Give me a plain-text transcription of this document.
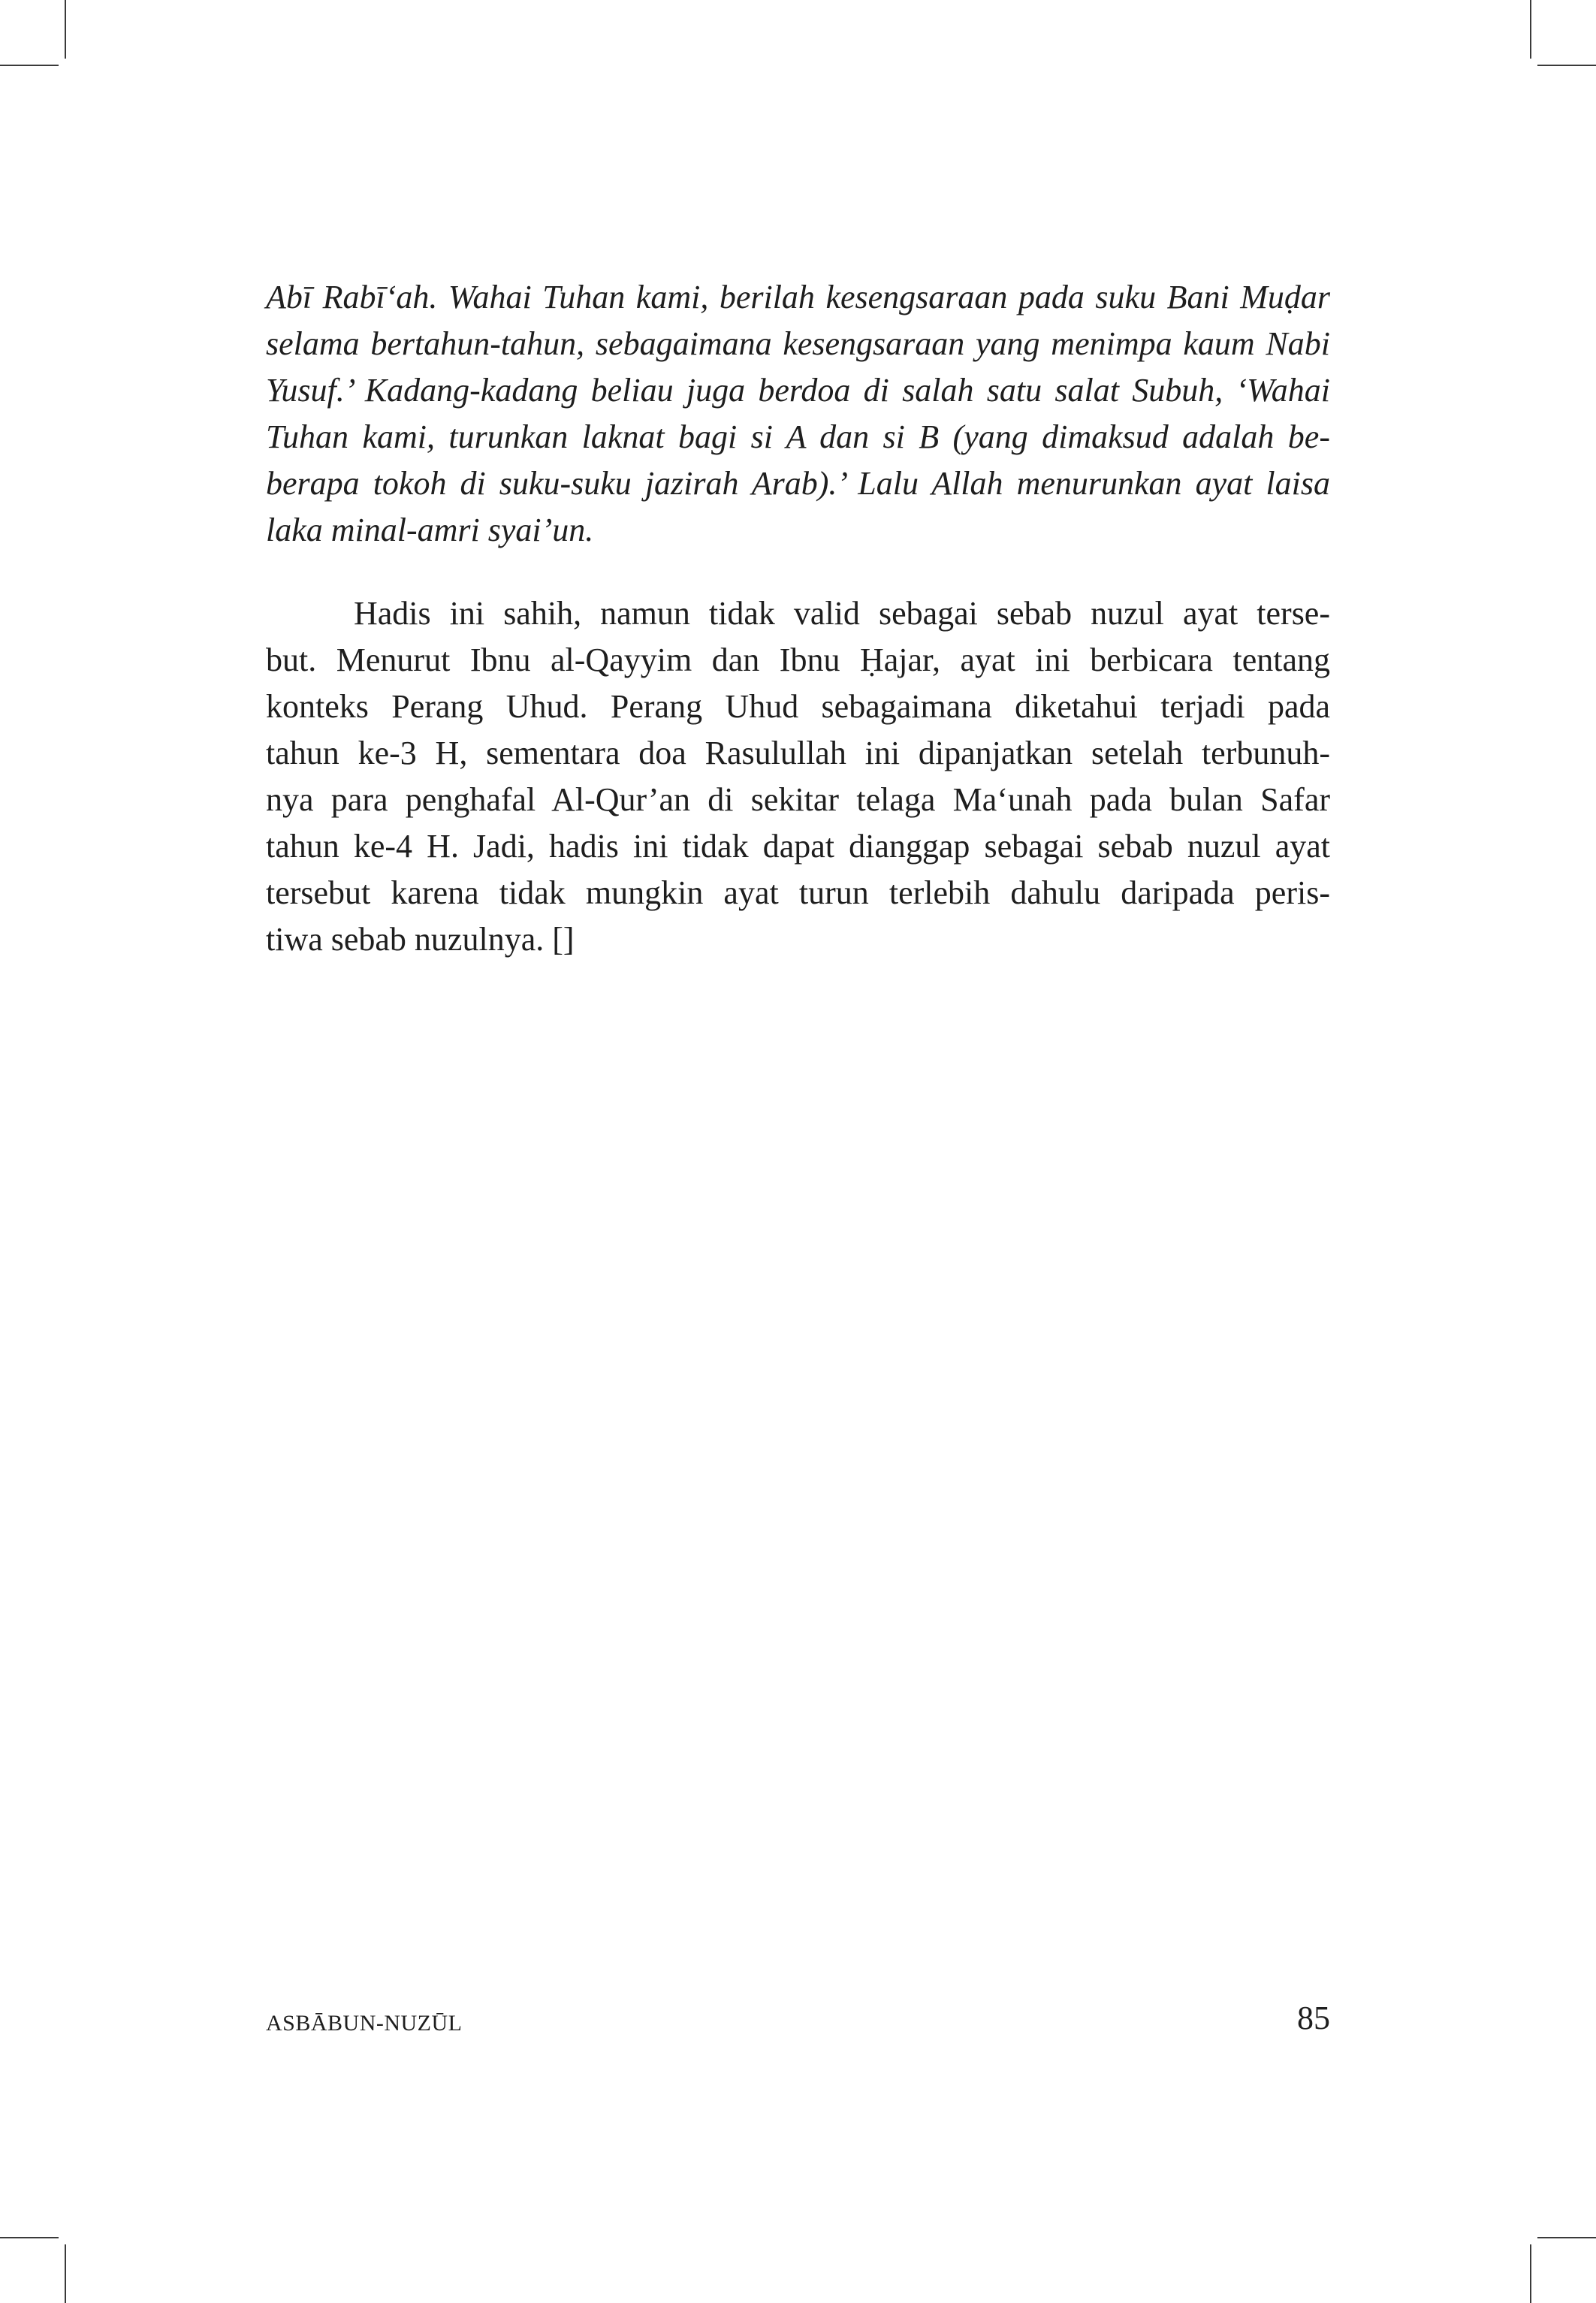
Abī Rabī‘ah. Wahai Tuhan kami, berilah kesengsaraan pada suku Bani Muḍar
selama bertahun-tahun, sebagaimana kesengsaraan yang menimpa kaum Nabi
Yusuf.’ Kadang-kadang beliau juga berdoa di salah satu salat Subuh, ‘Wahai
Tuhan kami, turunkan laknat bagi si A dan si B (yang dimaksud adalah be-
berapa tokoh di suku-suku jazirah Arab).’ Lalu Allah menurunkan ayat laisa
laka minal-amri syai’un.
Hadis ini sahih, namun tidak valid sebagai sebab nuzul ayat terse-
but. Menurut Ibnu al-Qayyim dan Ibnu Ḥajar, ayat ini berbicara tentang
konteks Perang Uhud. Perang Uhud sebagaimana diketahui terjadi pada
tahun ke-3 H, sementara doa Rasulullah ini dipanjatkan setelah terbunuh-
nya para penghafal Al-Qur’an di sekitar telaga Ma‘unah pada bulan Safar
tahun ke-4 H. Jadi, hadis ini tidak dapat dianggap sebagai sebab nuzul ayat
tersebut karena tidak mungkin ayat turun terlebih dahulu daripada peris-
tiwa sebab nuzulnya. []
ASBĀBUN-NUZŪL	85
